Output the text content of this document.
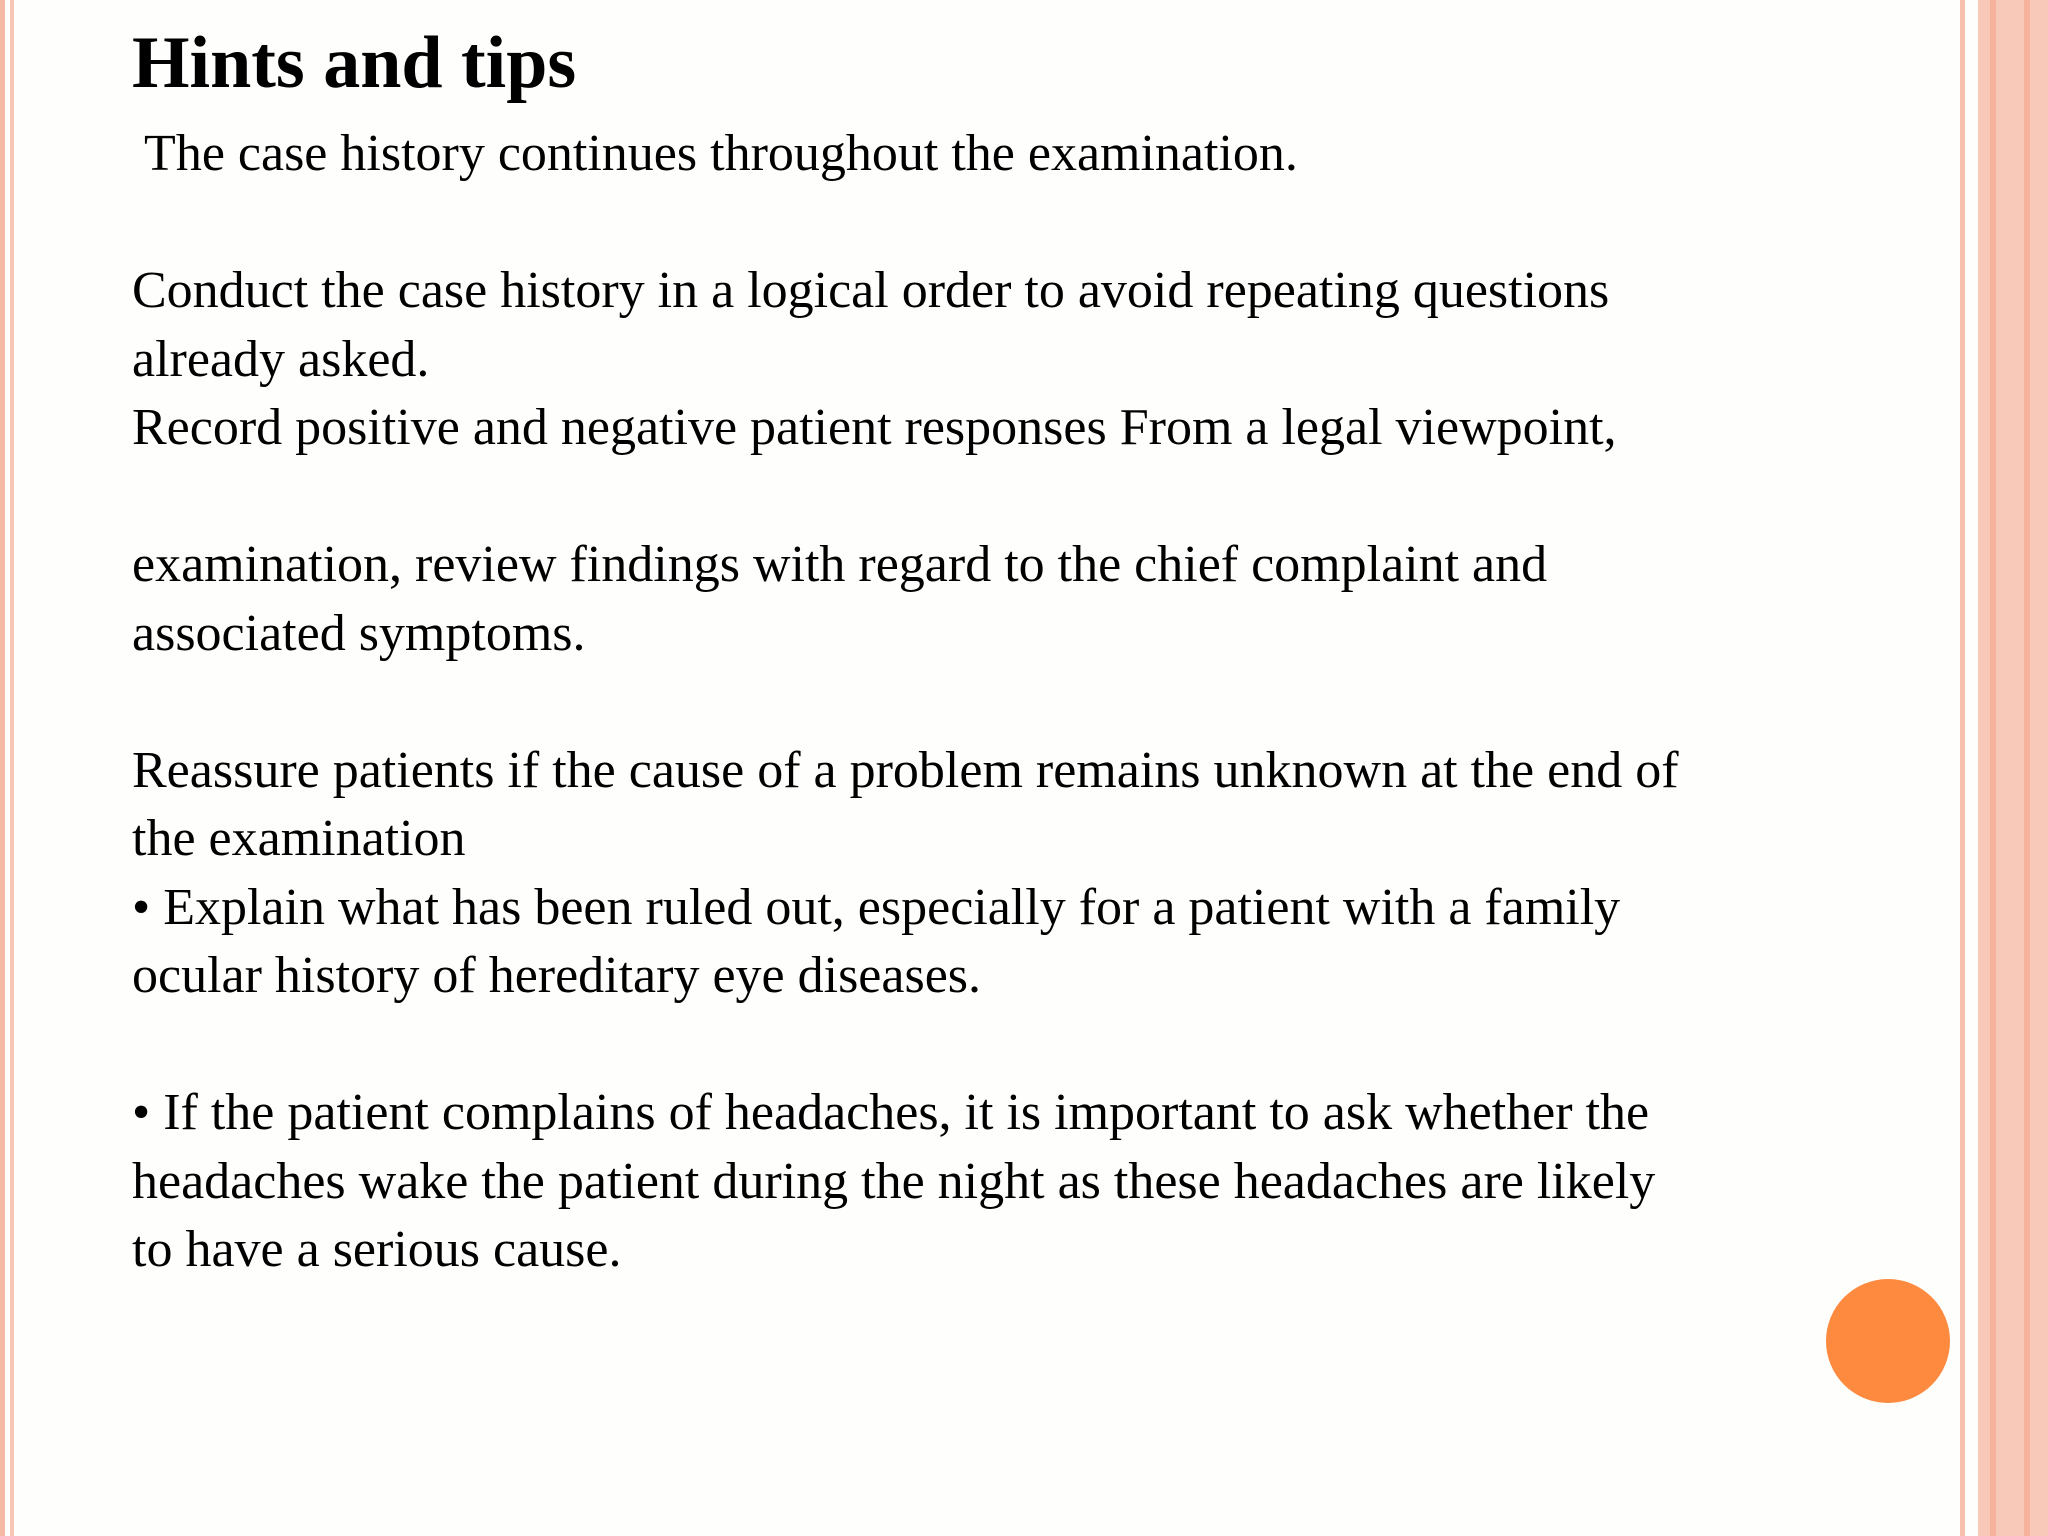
Hints and tips
The case history continues throughout the examination.
Conduct the case history in a logical order to avoid repeating questions
already asked.
Record positive and negative patient responses From a legal viewpoint,
examination, review findings with regard to the chief complaint and
associated symptoms.
Reassure patients if the cause of a problem remains unknown at the end of
the examination
• Explain what has been ruled out, especially for a patient with a family
ocular history of hereditary eye diseases.
• If the patient complains of headaches, it is important to ask whether the
headaches wake the patient during the night as these headaches are likely
to have a serious cause.
